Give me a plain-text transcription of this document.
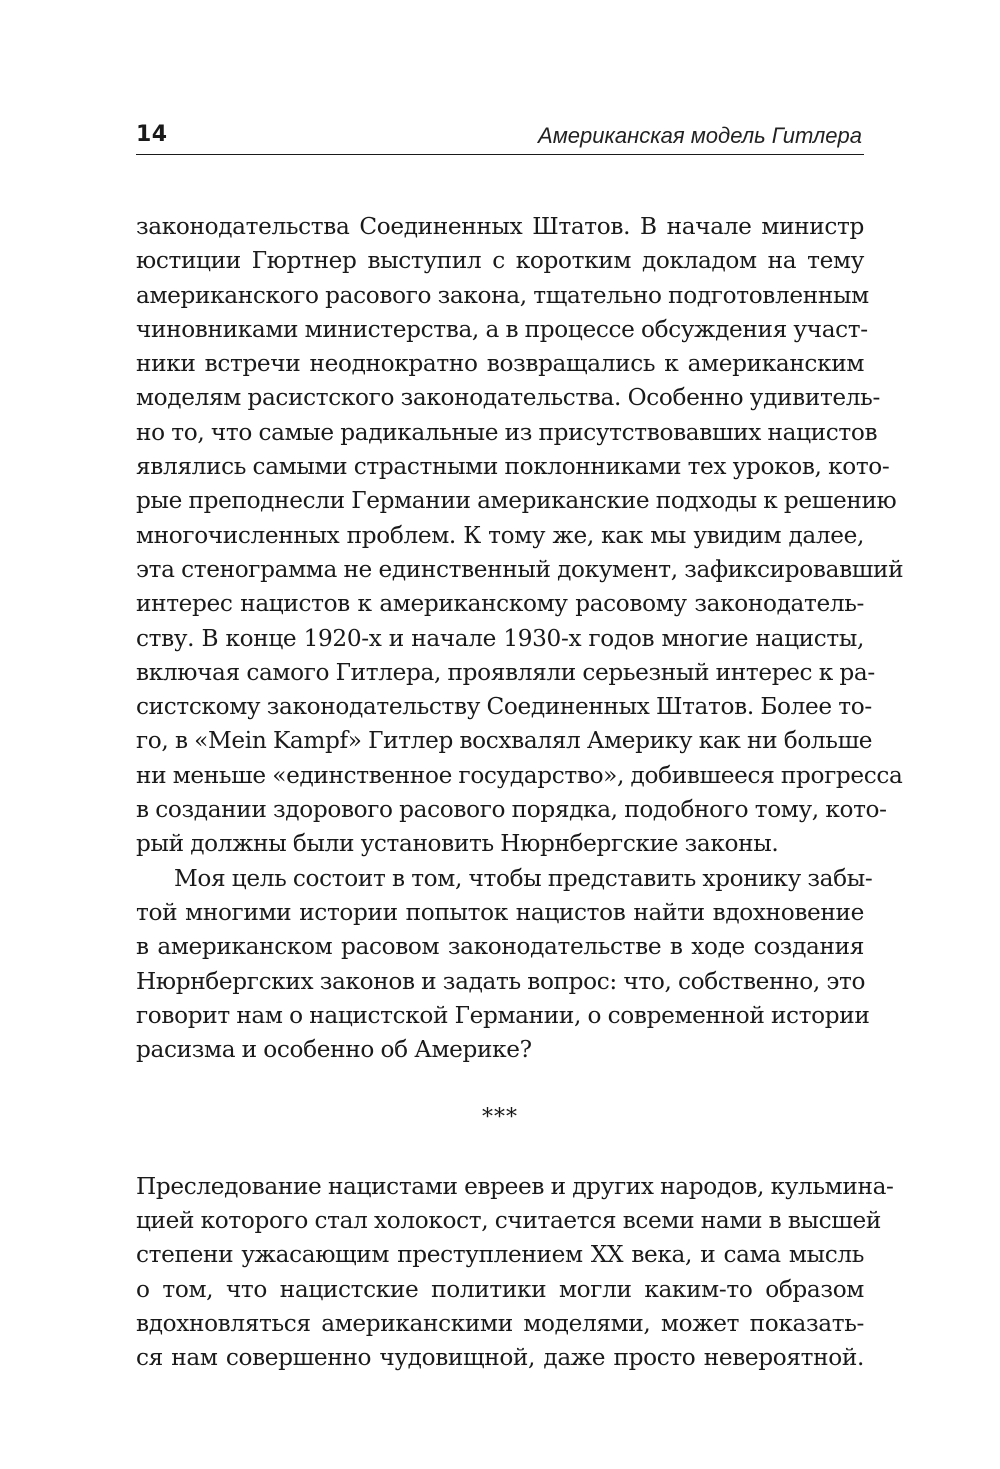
14	Американская модель Гитлера
законодательства Соединенных Штатов. В начале министр
юстиции Гюртнер выступил с коротким докладом на тему
американского расового закона, тщательно подготовленным
чиновниками министерства, а в процессе обсуждения участ-
ники встречи неоднократно возвращались к американским
моделям расистского законодательства. Особенно удивитель-
но то, что самые радикальные из присутствовавших нацистов
являлись самыми страстными поклонниками тех уроков, кото-
рые преподнесли Германии американские подходы к решению
многочисленных проблем. К тому же, как мы увидим далее,
эта стенограмма не единственный документ, зафиксировавший
интерес нацистов к американскому расовому законодатель-
ству. В конце 1920-х и начале 1930-х годов многие нацисты,
включая самого Гитлера, проявляли серьезный интерес к ра-
систскому законодательству Соединенных Штатов. Более то-
го, в «Mein Kampf» Гитлер восхвалял Америку как ни больше
ни меньше «единственное государство», добившееся прогресса
в создании здорового расового порядка, подобного тому, кото-
рый должны были установить Нюрнбергские законы.
Моя цель состоит в том, чтобы представить хронику забы-
той многими истории попыток нацистов найти вдохновение
в американском расовом законодательстве в ходе создания
Нюрнбергских законов и задать вопрос: что, собственно, это
говорит нам о нацистской Германии, о современной истории
расизма и особенно об Америке?
***
Преследование нацистами евреев и других народов, кульмина-
цией которого стал холокост, считается всеми нами в высшей
степени ужасающим преступлением XX века, и сама мысль
о том, что нацистские политики могли каким-то образом
вдохновляться американскими моделями, может показать-
ся нам совершенно чудовищной, даже просто невероятной.
